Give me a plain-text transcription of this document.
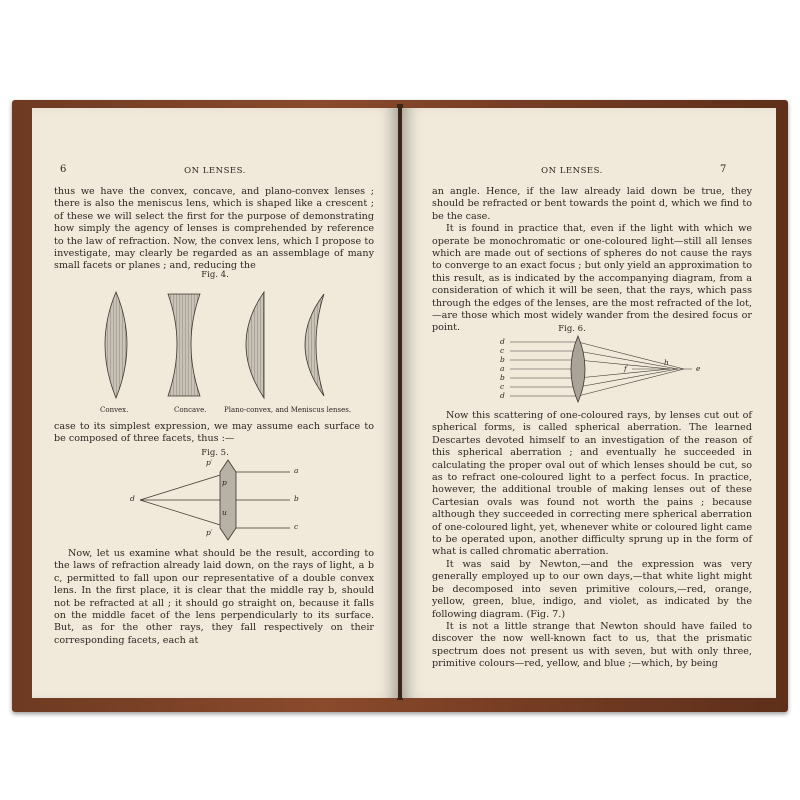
6	ON LENSES.

thus we have the convex, concave, and plano-convex lenses ; there is also the meniscus lens, which is shaped like a crescent ; of these we will select the first for the purpose of demonstrating how simply the agency of lenses is comprehended by reference to the law of refraction. Now, the convex lens, which I propose to investigate, may clearly be regarded as an assemblage of many small facets or planes ; and, reducing the

Fig. 4.
Convex.	Concave.	Plano-convex, and Meniscus lenses.

case to its simplest expression, we may assume each surface to be composed of three facets, thus :—

Fig. 5.
d
p′
p′
p
u
a
b
c

Now, let us examine what should be the result, according to the laws of refraction already laid down, on the rays of light, a b c, permitted to fall upon our representative of a double convex lens. In the first place, it is clear that the middle ray b, should not be refracted at all ; it should go straight on, because it falls on the middle facet of the lens perpendicularly to its surface. But, as for the other rays, they fall respectively on their corresponding facets, each at

ON LENSES.	7

an angle. Hence, if the law already laid down be true, they should be refracted or bent towards the point d, which we find to be the case.

It is found in practice that, even if the light with which we operate be monochromatic or one-coloured light—still all lenses which are made out of sections of spheres do not cause the rays to converge to an exact focus ; but only yield an approximation to this result, as is indicated by the accompanying diagram, from a consideration of which it will be seen, that the rays, which pass through the edges of the lenses, are the most refracted of the lot,—are those which most widely wander from the desired focus or point.	Fig. 6.
d
c
b
a
b
c
d
h
e
f

Now this scattering of one-coloured rays, by lenses cut out of spherical forms, is called spherical aberration. The learned Descartes devoted himself to an investigation of the reason of this spherical aberration ; and eventually he succeeded in calculating the proper oval out of which lenses should be cut, so as to refract one-coloured light to a perfect focus. In practice, however, the additional trouble of making lenses out of these Cartesian ovals was found not worth the pains ; because although they succeeded in correcting mere spherical aberration of one-coloured light, yet, whenever white or coloured light came to be operated upon, another difficulty sprung up in the form of what is called chromatic aberration.

It was said by Newton,—and the expression was very generally employed up to our own days,—that white light might be decomposed into seven primitive colours,—red, orange, yellow, green, blue, indigo, and violet, as indicated by the following diagram. (Fig. 7.)

It is not a little strange that Newton should have failed to discover the now well-known fact to us, that the prismatic spectrum does not present us with seven, but with only three, primitive colours—red, yellow, and blue ;—which, by being
